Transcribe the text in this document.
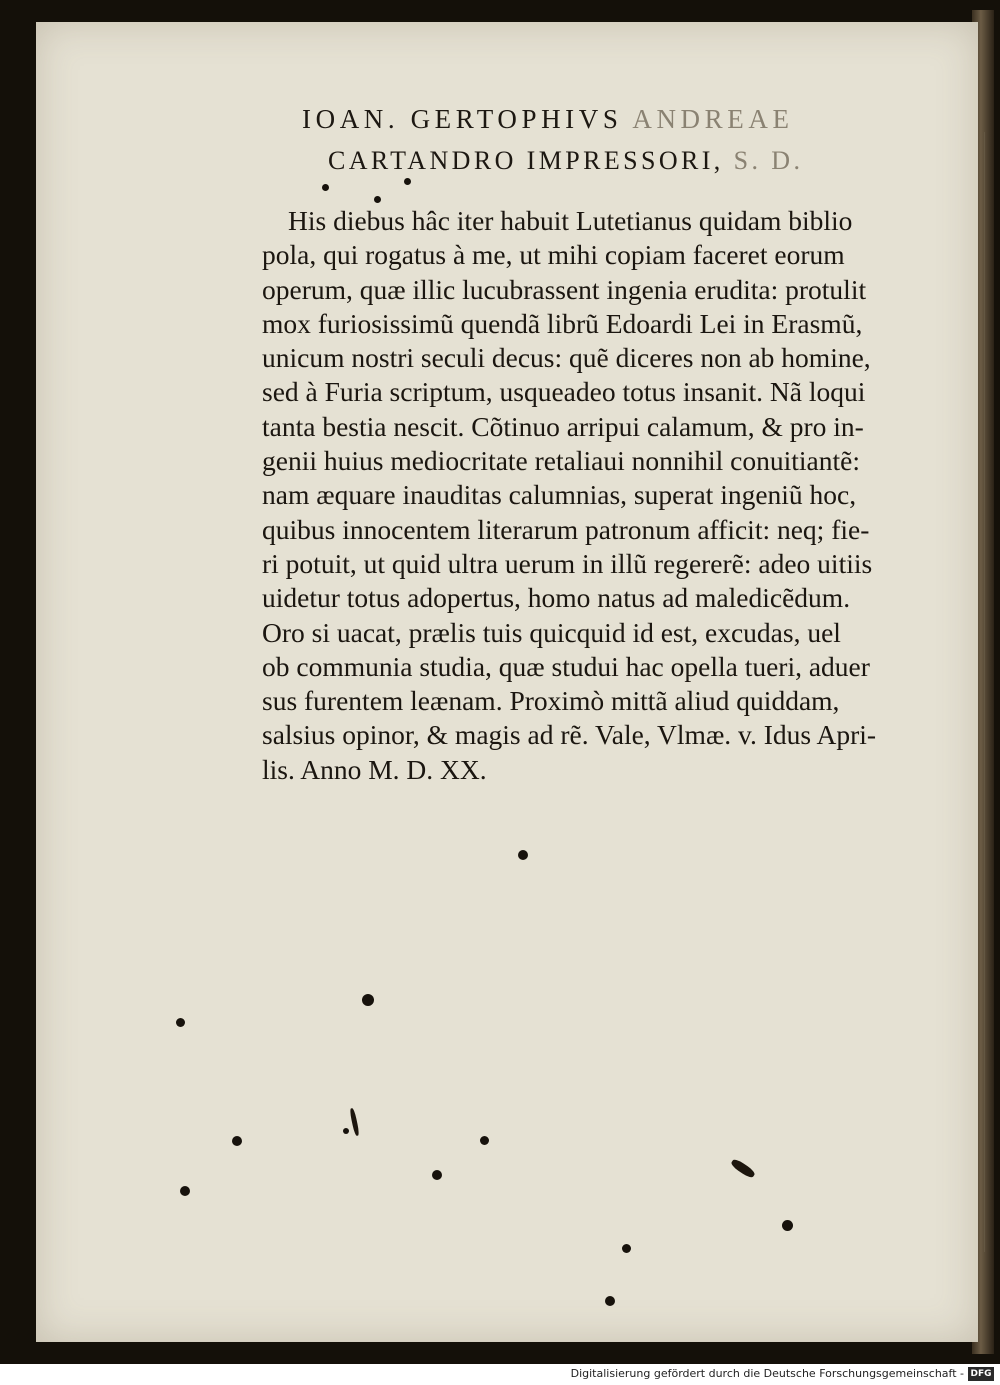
IOAN. GERTOPHIVS ANDREAE
CARTANDRO IMPRESSORI, S. D.
His diebus hâc iter habuit Lutetianus quidam biblio
pola, qui rogatus à me, ut mihi copiam faceret eorum
operum, quæ illic lucubrassent ingenia erudita: protulit
mox furiosissimũ quendã librũ Edoardi Lei in Erasmũ,
unicum nostri seculi decus: quẽ diceres non ab homine,
sed à Furia scriptum, usqueadeo totus insanit. Nã loqui
tanta bestia nescit. Cõtinuo arripui calamum, & pro in-
genii huius mediocritate retaliaui nonnihil conuitiantẽ:
nam æquare inauditas calumnias, superat ingeniũ hoc,
quibus innocentem literarum patronum afficit: neq; fie-
ri potuit, ut quid ultra uerum in illũ regererẽ: adeo uitiis
uidetur totus adopertus, homo natus ad maledicẽdum.
Oro si uacat, prælis tuis quicquid id est, excudas, uel
ob communia studia, quæ studui hac opella tueri, aduer
sus furentem leænam. Proximò mittã aliud quiddam,
salsius opinor, & magis ad rẽ. Vale, Vlmæ. v. Idus Apri-
lis. Anno M. D. XX.
Digitalisierung gefördert durch die Deutsche Forschungsgemeinschaft - DFG
